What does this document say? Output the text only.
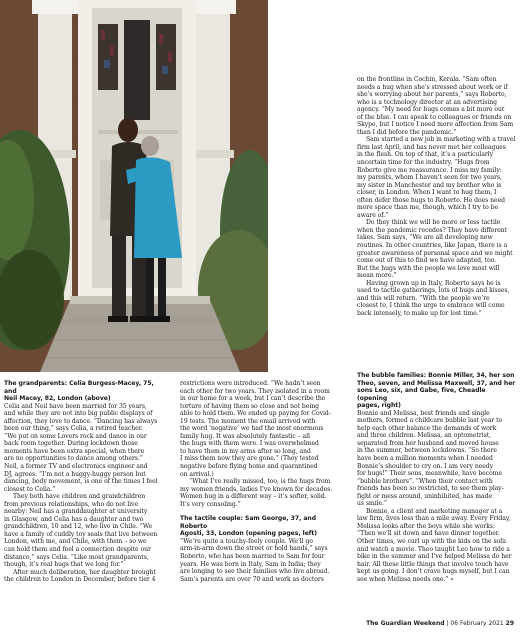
on the frontline in Cochin, Kerala. “Sam often
needs a hug when she’s stressed about work or if
she’s worrying about her parents,” says Roberto,
who is a technology director at an advertising
agency. “My need for hugs comes a bit more out
of the blue. I can speak to colleagues or friends on
Skype, but I notice I need more affection from Sam
than I did before the pandemic.”

Sam started a new job in marketing with a travel
firm last April, and has never met her colleagues
in the flesh. On top of that, it’s a particularly
uncertain time for the industry. “Hugs from
Roberto give me reassurance. I miss my family:
my parents, whom I haven’t seen for two years,
my sister in Manchester and my brother who is
closer, in London. When I want to hug them, I
often defer those hugs to Roberto. He does need
more space than me, though, which I try to be
aware of.”

Do they think we will be more or less tactile
when the pandemic recedes? They have different
takes. Sam says, “We are all developing new
routines. In other countries, like Japan, there is a
greater awareness of personal space and we might
come out of this to find we have adapted, too.
But the hugs with the people we love most will
mean more.”

Having grown up in Italy, Roberto says he is
used to tactile gatherings, lots of hugs and kisses,
and this will return. “With the people we’re
closest to, I think the urge to embrace will come
back intensely, to make up for lost time.”

The grandparents: Celia Burgess-Macey, 75, and
Neil Macey, 82, London (above)

Celia and Neil have been married for 35 years,
and while they are not into big public displays of
affection, they love to dance. “Dancing has always
been our thing,” says Celia, a retired teacher.
“We put on some Lovers rock and dance in our
back room together. During lockdown those
moments have been extra special, when there
are no opportunities to dance among others.”
Neil, a former TV and electronics engineer and
DJ, agrees: “I’m not a huggy-huggy person but
dancing, body movement, is one of the times I feel
closest to Celia.”

They both have children and grandchildren
from previous relationships, who do not live
nearby: Neil has a granddaughter at university
in Glasgow, and Celia has a daughter and two
grandchildren, 10 and 12, who live in Chile. “We
have a family of cuddly toy seals that live between
London, with me, and Chile, with them – so we
can hold them and feel a connection despite our
distance,” says Celia. “Like most grandparents,
though, it’s real hugs that we long for.”

After much deliberation, her daughter brought
the children to London in December, before tier 4

restrictions were introduced. “We hadn’t seen
each other for two years. They isolated in a room
in our home for a week, but I can’t describe the
torture of having them so close and not being
able to hold them. We ended up paying for Covid-
19 tests. The moment the email arrived with
the word ‘negative’ we had the most enormous
family hug. It was absolutely fantastic – all
the hugs with them were. I was overwhelmed
to have them in my arms after so long, and
I miss them now they are gone.” (They tested
negative before flying home and quarantined
on arrival.)

“What I’ve really missed, too, is the hugs from
my women friends, ladies I’ve known for decades.
Women hug in a different way – it’s softer, solid.
It’s very consoling.”

The tactile couple: Sam George, 37, and Roberto
Agosti, 33, London (opening pages, left)

“We’re quite a touchy-feely couple. We’ll go
arm-in-arm down the street or hold hands,” says
Roberto, who has been married to Sam for four
years. He was born in Italy, Sam in India; they
are longing to see their families who live abroad.
Sam’s parents are over 70 and work as doctors

The bubble families: Bonnie Miller, 34, her son
Theo, seven, and Melissa Maxwell, 37, and her
sons Leo, six, and Gabe, five, Cheadle (opening
pages, right)

Bonnie and Melissa, best friends and single
mothers, formed a childcare bubble last year to
help each other balance the demands of work
and three children. Melissa, an optometrist,
separated from her husband and moved house
in the summer, between lockdowns. “So there
have been a million moments when I needed
Bonnie’s shoulder to cry on. I am very needy
for hugs!” Their sons, meanwhile, have become
“bubble brothers”. “When their contact with
friends has been so restricted, to see them play-
fight or mess around, uninhibited, has made
us smile.”

Bonnie, a client and marketing manager at a
law firm, lives less than a mile away. Every Friday,
Melissa looks after the boys while she works:
“Then we’ll sit down and have dinner together.
Other times, we curl up with the kids on the sofa
and watch a movie. Theo taught Leo how to ride a
bike in the summer and I’ve helped Melissa do her
hair. All these little things that involve touch have
kept us going. I don’t crave hugs myself, but I can
see when Melissa needs one.” »

The Guardian Weekend | 06 February 2021 29
